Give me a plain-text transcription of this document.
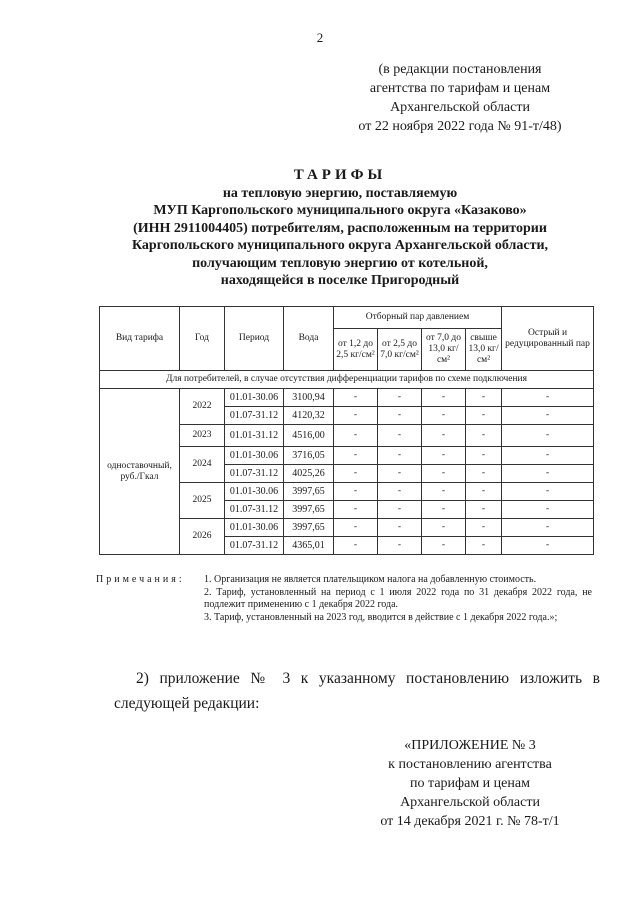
2
(в редакции постановления
агентства по тарифам и ценам
Архангельской области
от 22 ноября 2022 года № 91-т/48)
ТАРИФЫ
на тепловую энергию, поставляемую
МУП Каргопольского муниципального округа «Казаково»
(ИНН 2911004405) потребителям, расположенным на территории
Каргопольского муниципального округа Архангельской области,
получающим тепловую энергию от котельной,
находящейся в поселке Пригородный
Вид тарифа	Год	Период	Вода	Отборный пар давлением				Острый и редуцированный пар
				от 1,2 до 2,5 кг/см²	от 2,5 до 7,0 кг/см²	от 7,0 до 13,0 кг/см²	свыше 13,0 кг/см²	
Для потребителей, в случае отсутствия дифференциации тарифов по схеме подключения								
одноставочный, руб./Гкал	2022	01.01-30.06	3100,94	-	-	-	-	-
		01.07-31.12	4120,32	-	-	-	-	-
	2023	01.01-31.12	4516,00	-	-	-	-	-
	2024	01.01-30.06	3716,05	-	-	-	-	-
		01.07-31.12	4025,26	-	-	-	-	-
	2025	01.01-30.06	3997,65	-	-	-	-	-
		01.07-31.12	3997,65	-	-	-	-	-
	2026	01.01-30.06	3997,65	-	-	-	-	-
		01.07-31.12	4365,01	-	-	-	-	-
Примечания: 1. Организация не является плательщиком налога на добавленную стоимость.
2. Тариф, установленный на период с 1 июля 2022 года по 31 декабря 2022 года, не подлежит применению с 1 декабря 2022 года.
3. Тариф, установленный на 2023 год, вводится в действие с 1 декабря 2022 года.»;
2) приложение № 3 к указанному постановлению изложить в следующей редакции:
«ПРИЛОЖЕНИЕ № 3
к постановлению агентства
по тарифам и ценам
Архангельской области
от 14 декабря 2021 г. № 78-т/1
